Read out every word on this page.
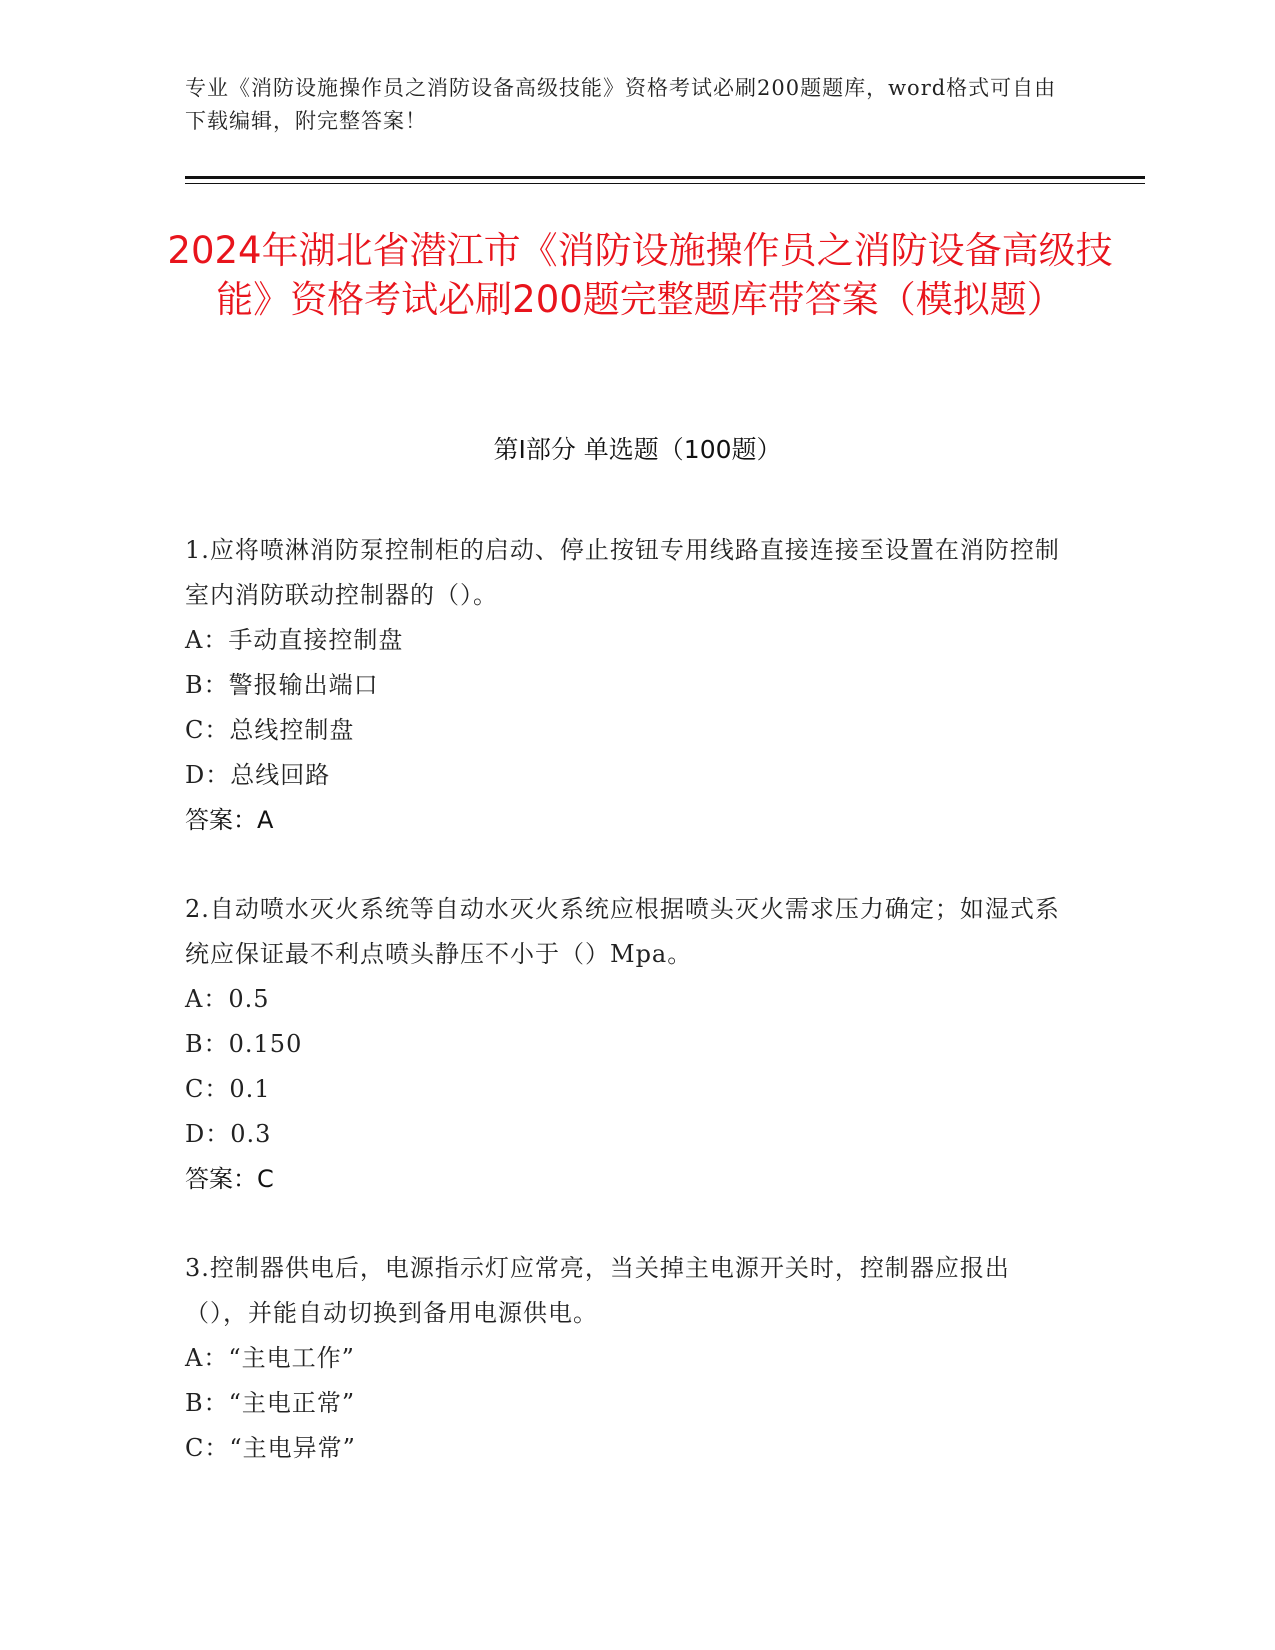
专业《消防设施操作员之消防设备高级技能》资格考试必刷200题题库，word格式可自由下载编辑，附完整答案！
2024年湖北省潜江市《消防设施操作员之消防设备高级技能》资格考试必刷200题完整题库带答案（模拟题）
第I部分 单选题（100题）
1.应将喷淋消防泵控制柜的启动、停止按钮专用线路直接连接至设置在消防控制室内消防联动控制器的（）。
A：手动直接控制盘
B：警报输出端口
C：总线控制盘
D：总线回路
答案：A
2.自动喷水灭火系统等自动水灭火系统应根据喷头灭火需求压力确定；如湿式系统应保证最不利点喷头静压不小于（）Mpa。
A：0.5
B：0.150
C：0.1
D：0.3
答案：C
3.控制器供电后，电源指示灯应常亮，当关掉主电源开关时，控制器应报出（），并能自动切换到备用电源供电。
A：“主电工作”
B：“主电正常”
C：“主电异常”
